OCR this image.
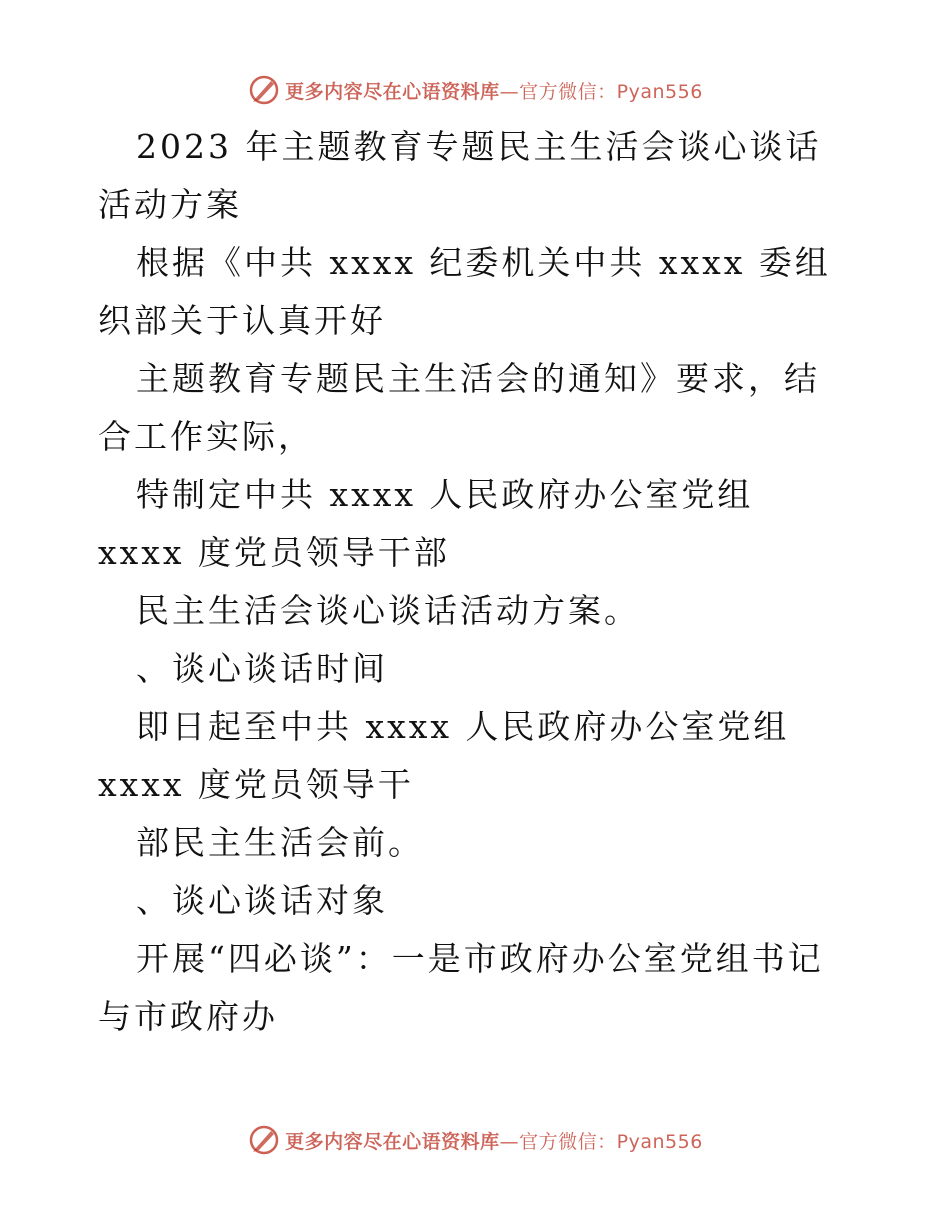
更多内容尽在心语资料库—官方微信：Pyan556

2023 年主题教育专题民主生活会谈心谈话活动方案

根据《中共 xxxx 纪委机关中共 xxxx 委组织部关于认真开好

主题教育专题民主生活会的通知》要求，结合工作实际，

特制定中共 xxxx 人民政府办公室党组 xxxx 度党员领导干部

民主生活会谈心谈话活动方案。

、谈心谈话时间

即日起至中共 xxxx 人民政府办公室党组 xxxx 度党员领导干

部民主生活会前。

、谈心谈话对象

开展“四必谈”：一是市政府办公室党组书记与市政府办

更多内容尽在心语资料库—官方微信：Pyan556
